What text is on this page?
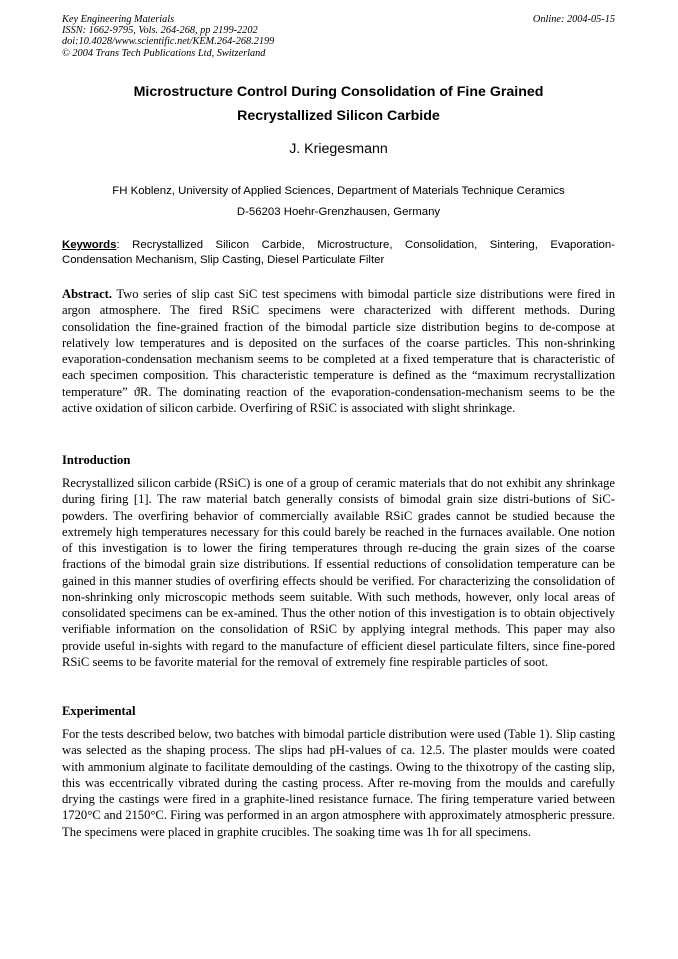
Key Engineering Materials
ISSN: 1662-9795, Vols. 264-268, pp 2199-2202
doi:10.4028/www.scientific.net/KEM.264-268.2199
© 2004 Trans Tech Publications Ltd, Switzerland
Online: 2004-05-15
Microstructure Control During Consolidation of Fine Grained
Recrystallized Silicon Carbide
J. Kriegesmann
FH Koblenz, University of Applied Sciences, Department of Materials Technique Ceramics
D-56203 Hoehr-Grenzhausen, Germany
Keywords: Recrystallized Silicon Carbide, Microstructure, Consolidation, Sintering, Evaporation-Condensation Mechanism, Slip Casting, Diesel Particulate Filter
Abstract. Two series of slip cast SiC test specimens with bimodal particle size distributions were fired in argon atmosphere. The fired RSiC specimens were characterized with different methods. During consolidation the fine-grained fraction of the bimodal particle size distribution begins to de-compose at relatively low temperatures and is deposited on the surfaces of the coarse particles. This non-shrinking evaporation-condensation mechanism seems to be completed at a fixed temperature that is characteristic of each specimen composition. This characteristic temperature is defined as the “maximum recrystallization temperature” ϑR. The dominating reaction of the evaporation-condensation-mechanism seems to be the active oxidation of silicon carbide. Overfiring of RSiC is associated with slight shrinkage.
Introduction
Recrystallized silicon carbide (RSiC) is one of a group of ceramic materials that do not exhibit any shrinkage during firing [1]. The raw material batch generally consists of bimodal grain size distri-butions of SiC-powders. The overfiring behavior of commercially available RSiC grades cannot be studied because the extremely high temperatures necessary for this could barely be reached in the furnaces available. One notion of this investigation is to lower the firing temperatures through re-ducing the grain sizes of the coarse fractions of the bimodal grain size distributions. If essential reductions of consolidation temperature can be gained in this manner studies of overfiring effects should be verified. For characterizing the consolidation of non-shrinking only microscopic methods seem suitable. With such methods, however, only local areas of consolidated specimens can be ex-amined. Thus the other notion of this investigation is to obtain objectively verifiable information on the consolidation of RSiC by applying integral methods. This paper may also provide useful in-sights with regard to the manufacture of efficient diesel particulate filters, since fine-pored RSiC seems to be favorite material for the removal of extremely fine respirable particles of soot.
Experimental
For the tests described below, two batches with bimodal particle distribution were used (Table 1). Slip casting was selected as the shaping process. The slips had pH-values of ca. 12.5. The plaster moulds were coated with ammonium alginate to facilitate demoulding of the castings. Owing to the thixotropy of the casting slip, this was eccentrically vibrated during the casting process. After re-moving from the moulds and carefully drying the castings were fired in a graphite-lined resistance furnace. The firing temperature varied between 1720°C and 2150°C. Firing was performed in an argon atmosphere with approximately atmospheric pressure. The specimens were placed in graphite crucibles. The soaking time was 1h for all specimens.
